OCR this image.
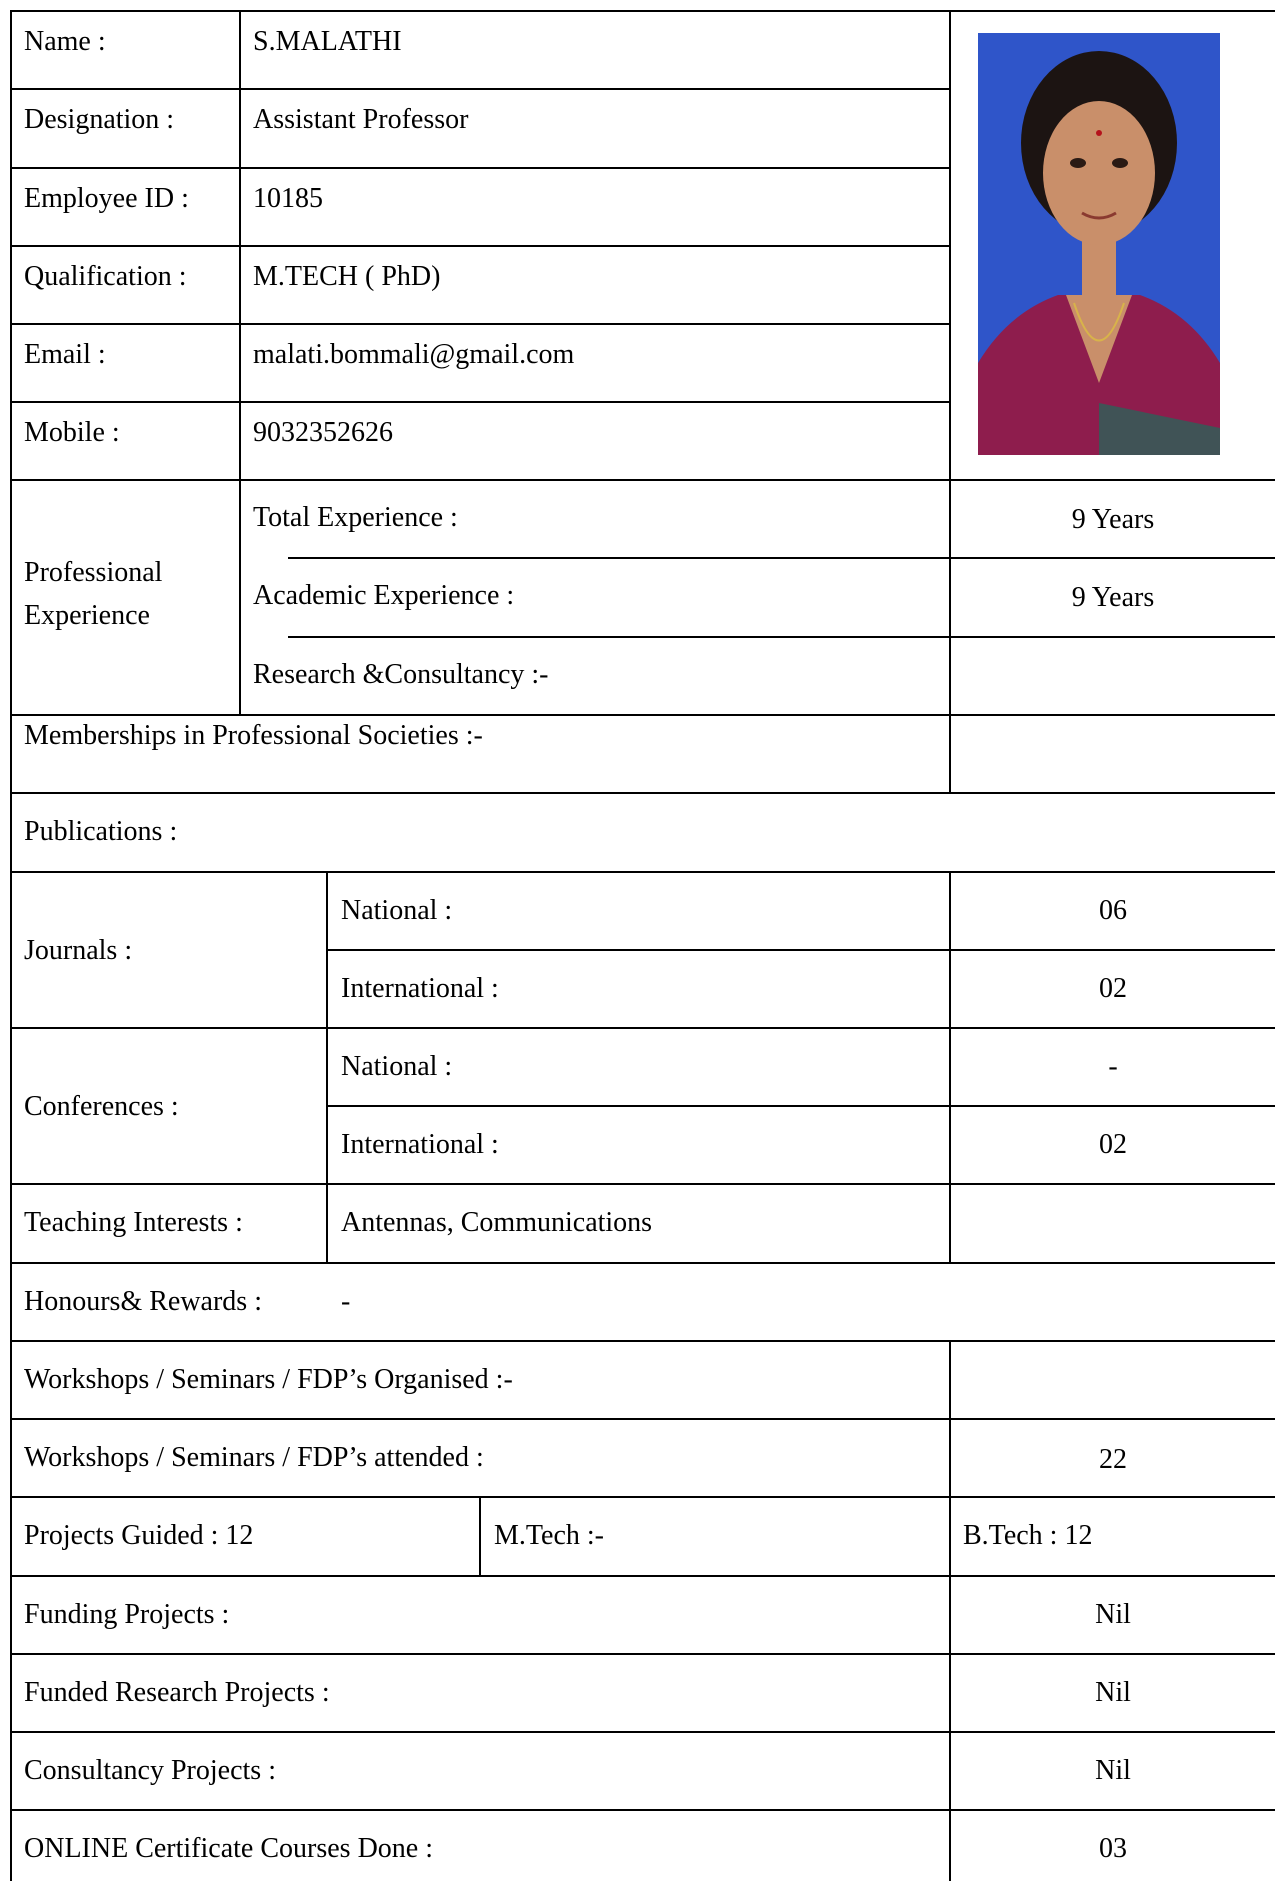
Name :	S.MALATHI
Designation :	Assistant Professor
Employee ID : 10185
Qualification : M.TECH ( PhD)
Email :	malati.bommali@gmail.com
Mobile :	9032352626
Professional
Experience
Total Experience :	9 Years
Academic Experience :	9 Years
Research &Consultancy :-
Memberships in Professional Societies :-
Publications :
Journals :
National :	06
International :	02
Conferences :
National :	-
International :	02
Teaching Interests :	Antennas, Communications
Honours& Rewards :	-
Workshops / Seminars / FDP’s Organised :-
Workshops / Seminars / FDP’s attended :	22
Projects Guided : 12	M.Tech :-	B.Tech : 12
Funding Projects :	Nil
Funded Research Projects :	Nil
Consultancy Projects :	Nil
ONLINE Certificate Courses Done :	03
